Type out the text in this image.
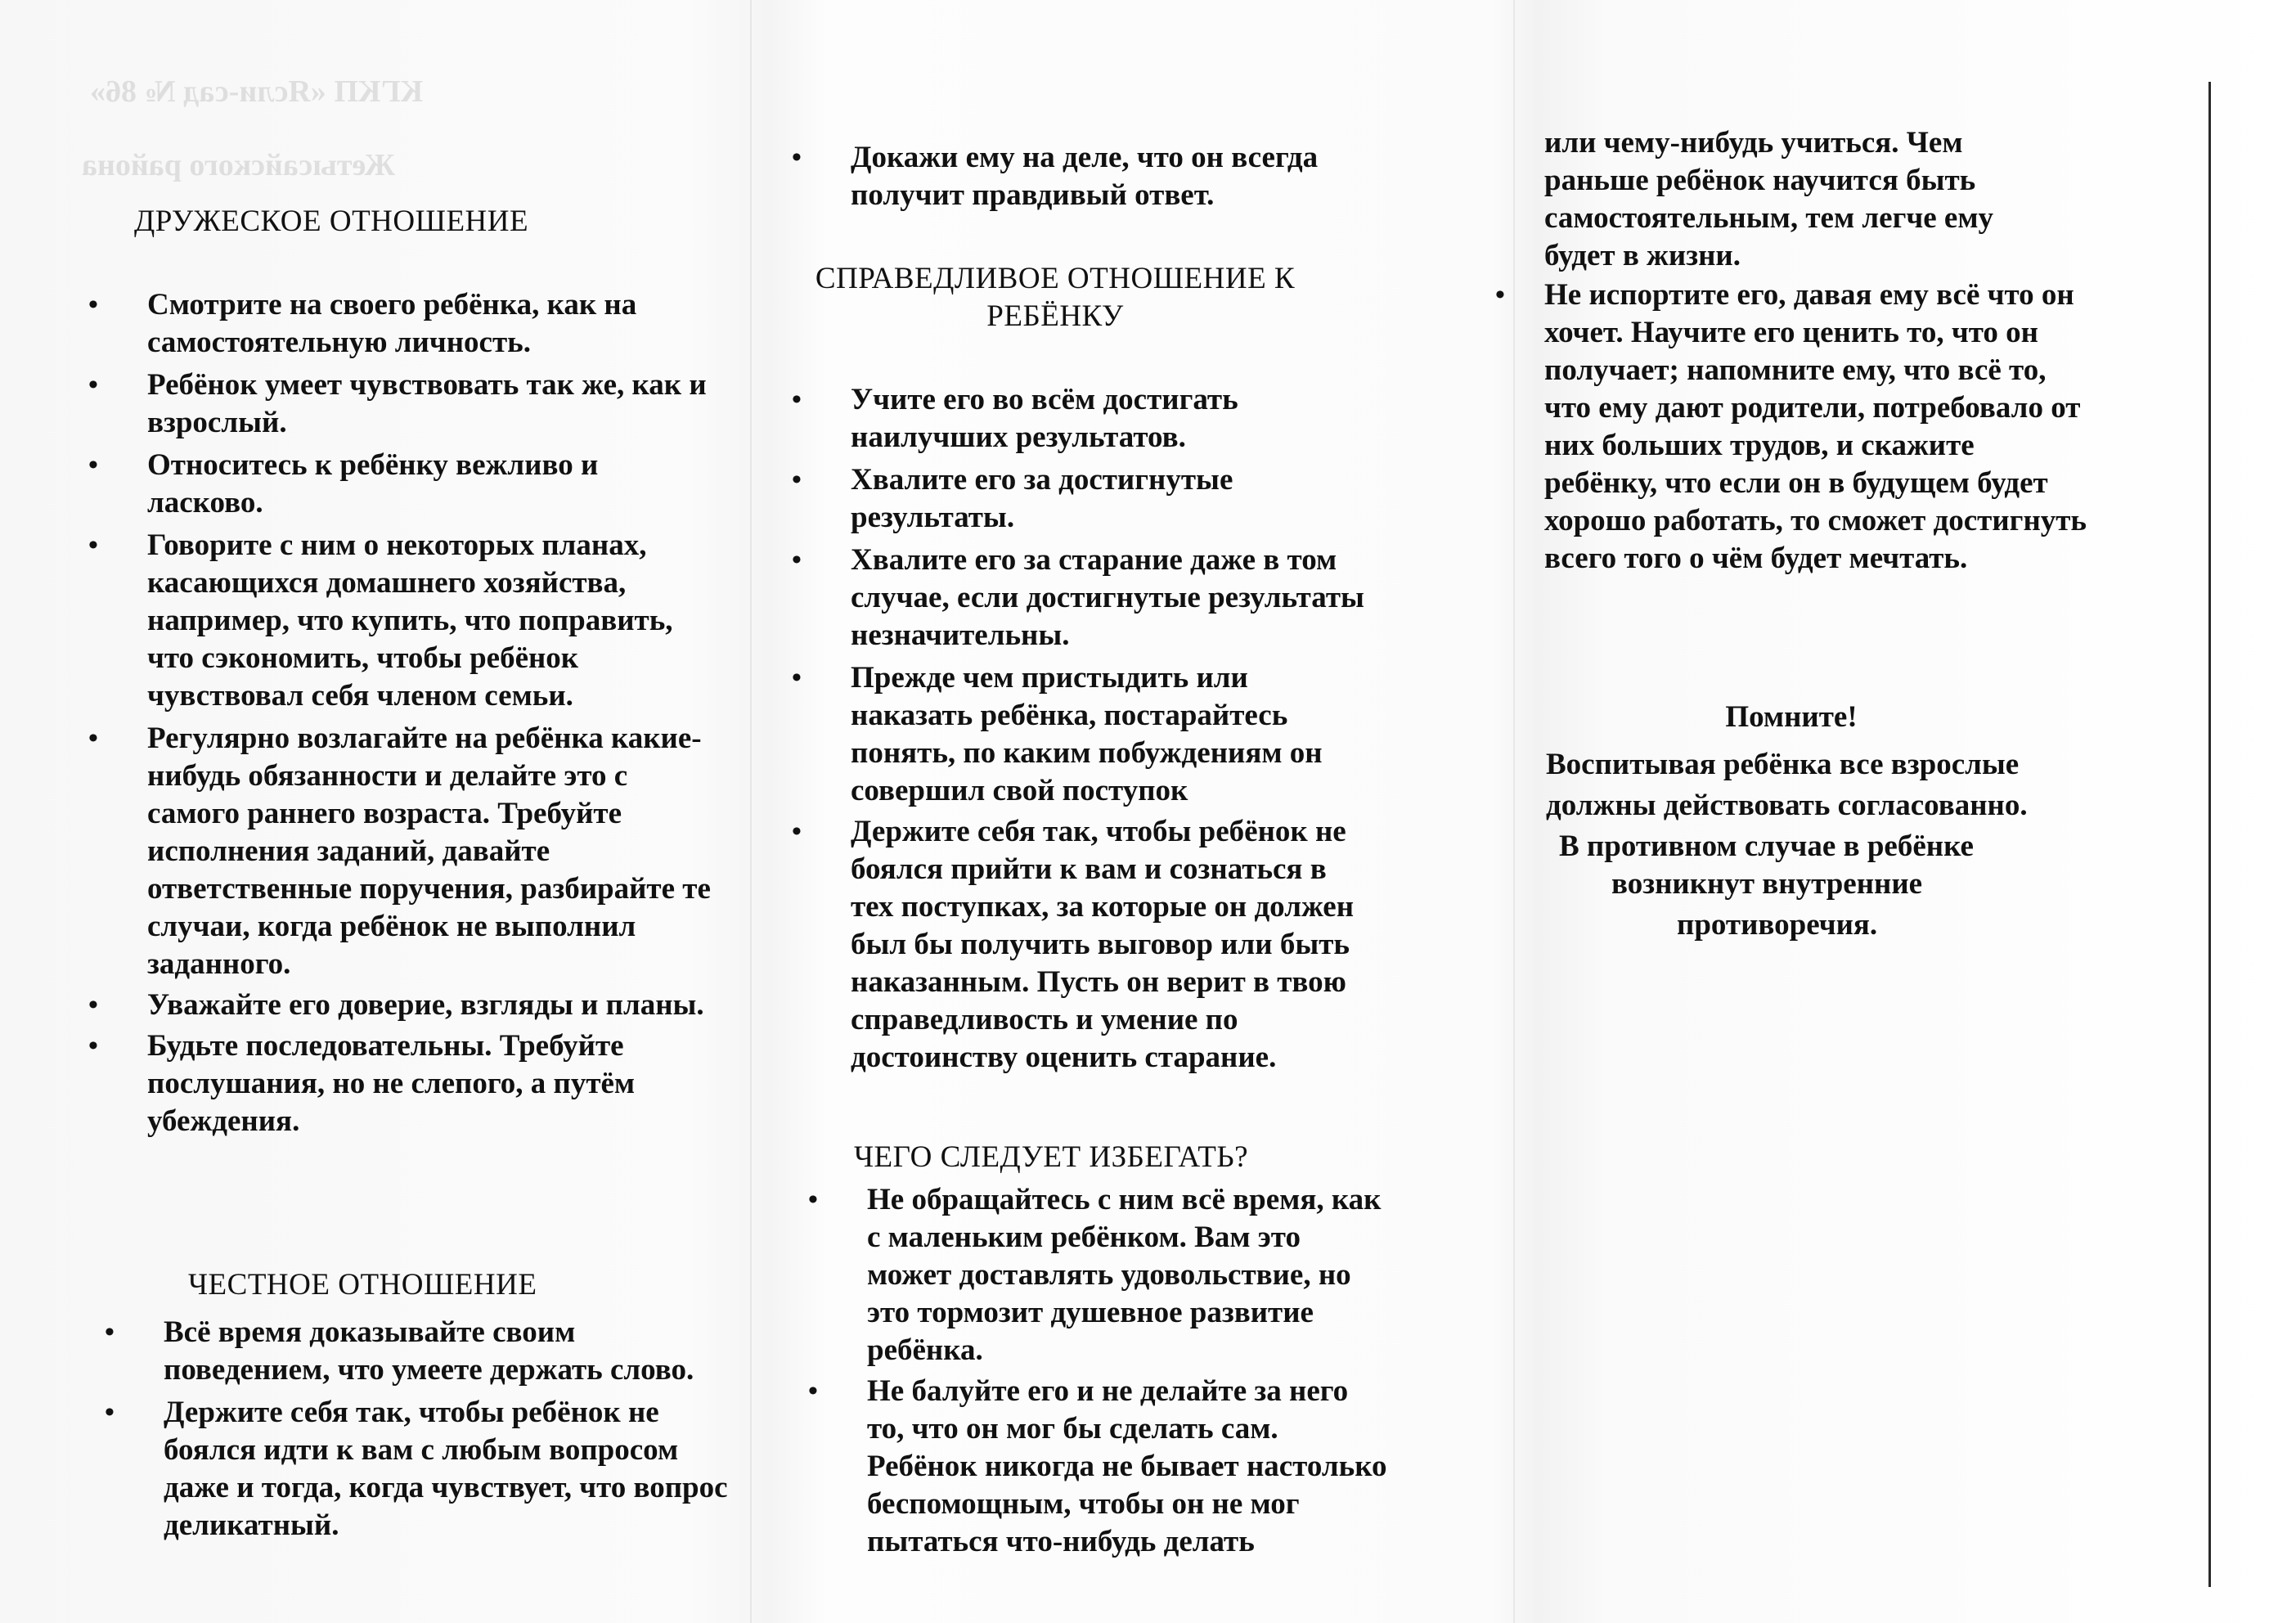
КГКП «Ясли-сад № 86»
Жетысайского района
ДРУЖЕСКОЕ ОТНОШЕНИЕ
• Смотрите на своего ребёнка, как на самостоятельную личность.
• Ребёнок умеет чувствовать так же, как и взрослый.
• Относитесь к ребёнку вежливо и ласково.
• Говорите с ним о некоторых планах, касающихся домашнего хозяйства, например, что купить, что поправить, что сэкономить, чтобы ребёнок чувствовал себя членом семьи.
• Регулярно возлагайте на ребёнка какие-нибудь обязанности и делайте это с самого раннего возраста. Требуйте исполнения заданий, давайте ответственные поручения, разбирайте те случаи, когда ребёнок не выполнил заданного.
• Уважайте его доверие, взгляды и планы.
• Будьте последовательны. Требуйте послушания, но не слепого, а путём убеждения.
ЧЕСТНОЕ ОТНОШЕНИЕ
• Всё время доказывайте своим поведением, что умеете держать слово.
• Держите себя так, чтобы ребёнок не боялся идти к вам с любым вопросом даже и тогда, когда чувствует, что вопрос деликатный.
• Докажи ему на деле, что он всегда получит правдивый ответ.
СПРАВЕДЛИВОЕ ОТНОШЕНИЕ К
РЕБЁНКУ
• Учите его во всём достигать наилучших результатов.
• Хвалите его за достигнутые результаты.
• Хвалите его за старание даже в том случае, если достигнутые результаты незначительны.
• Прежде чем пристыдить или наказать ребёнка, постарайтесь понять, по каким побуждениям он совершил свой поступок
• Держите себя так, чтобы ребёнок не боялся прийти к вам и сознаться в тех поступках, за которые он должен был бы получить выговор или быть наказанным. Пусть он верит в твою справедливость и умение по достоинству оценить старание.
ЧЕГО СЛЕДУЕТ ИЗБЕГАТЬ?
• Не обращайтесь с ним всё время, как с маленьким ребёнком. Вам это может доставлять удовольствие, но это тормозит душевное развитие ребёнка.
• Не балуйте его и не делайте за него то, что он мог бы сделать сам. Ребёнок никогда не бывает настолько беспомощным, чтобы он не мог пытаться что-нибудь делать

или чему-нибудь учиться. Чем раньше ребёнок научится быть самостоятельным, тем легче ему будет в жизни.

• Не испортите его, давая ему всё что он хочет. Научите его ценить то, что он получает; напомните ему, что всё то, что ему дают родители, потребовало от них больших трудов, и скажите ребёнку, что если он в будущем будет хорошо работать, то сможет достигнуть всего того о чём будет мечтать.

Помните!

Воспитывая ребёнка все взрослые

должны действовать согласованно.

В противном случае в ребёнке

возникнут внутренние

противоречия.
